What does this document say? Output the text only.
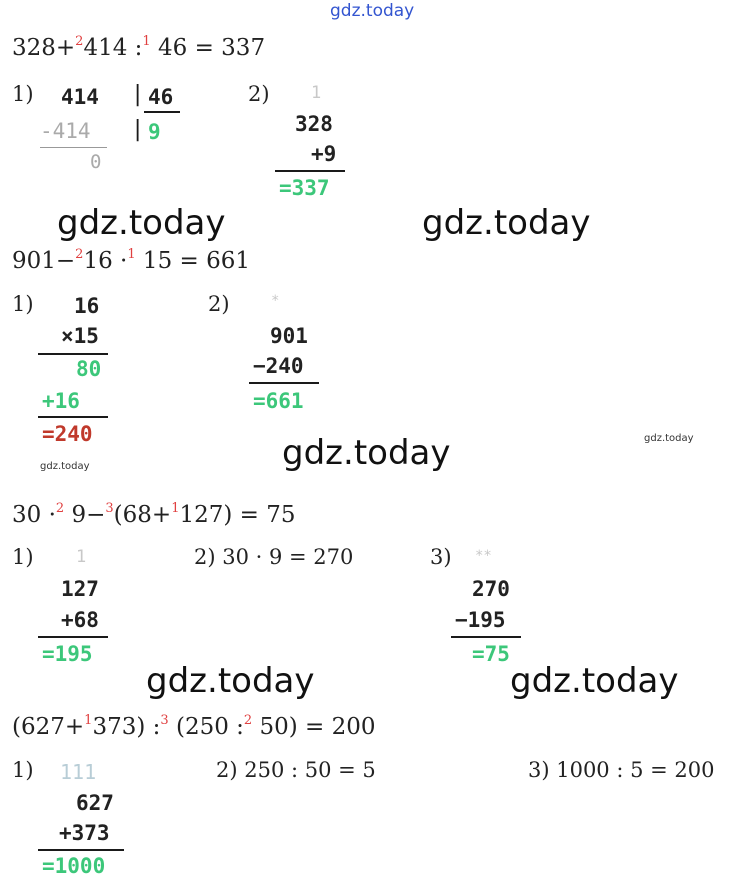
gdz.today
328+$^2$414 :$^1$ 46 = 337
1) 414 | 46
-414 | 9
0
2) 1
328
+9
=337
gdz.today	gdz.today
901−$^2$16 ·$^1$ 15 = 661
1) 16
×15
80
+16
=240
2)	*
901
−240
=661
gdz.today	gdz.today
gdz.today
30 ·$^2$ 9−$^3$(68+$^1$127) = 75
1) 1
127
+68
=195
2) 30 · 9 = 270	3) **
270
−195
=75
gdz.today	gdz.today
(627+$^1$373) :$^3$ (250 :$^2$ 50) = 200
1) 111
627
+373
=1000
2) 250 : 50 = 5	3) 1000 : 5 = 200
